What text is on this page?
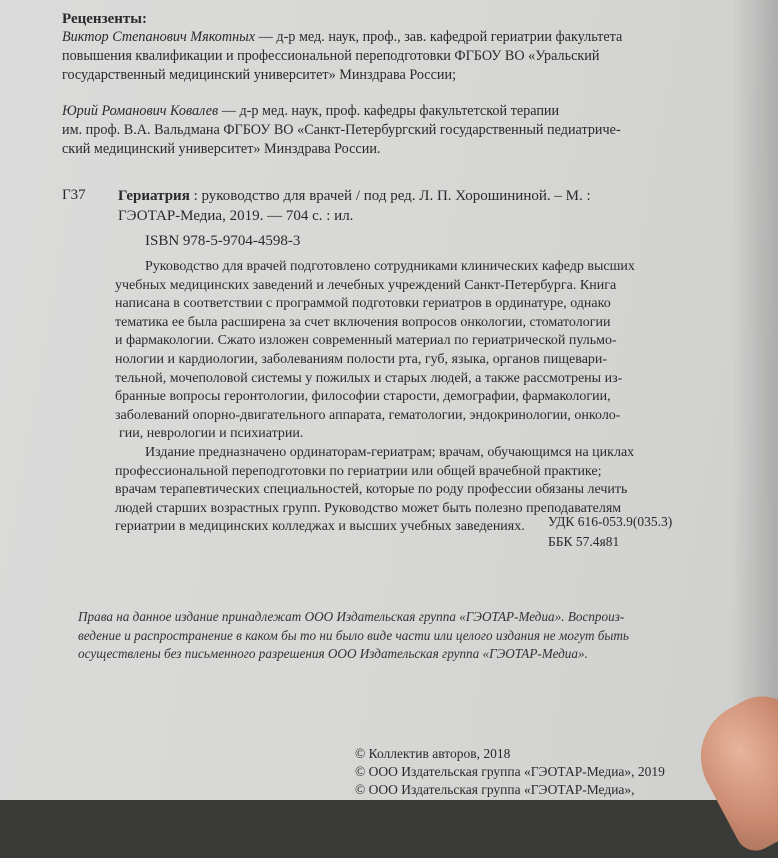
Рецензенты:
Виктор Степанович Мякотных — д-р мед. наук, проф., зав. кафедрой гериатрии факультета
повышения квалификации и профессиональной переподготовки ФГБОУ ВО «Уральский
государственный медицинский университет» Минздрава России;
Юрий Романович Ковалев — д-р мед. наук, проф. кафедры факультетской терапии
им. проф. В.А. Вальдмана ФГБОУ ВО «Санкт-Петербургский государственный педиатриче-
ский медицинский университет» Минздрава России.
Г37 Гериатрия : руководство для врачей / под ред. Л. П. Хорошининой. – М. :
ГЭОТАР-Медиа, 2019. — 704 с. : ил.
ISBN 978-5-9704-4598-3
Руководство для врачей подготовлено сотрудниками клинических кафедр высших
учебных медицинских заведений и лечебных учреждений Санкт-Петербурга. Книга
написана в соответствии с программой подготовки гериатров в ординатуре, однако
тематика ее была расширена за счет включения вопросов онкологии, стоматологии
и фармакологии. Сжато изложен современный материал по гериатрической пульмо-
нологии и кардиологии, заболеваниям полости рта, губ, языка, органов пищевари-
тельной, мочеполовой системы у пожилых и старых людей, а также рассмотрены из-
бранные вопросы геронтологии, философии старости, демографии, фармакологии,
заболеваний опорно-двигательного аппарата, гематологии, эндокринологии, онколо-
гии, неврологии и психиатрии.
Издание предназначено ординаторам-гериатрам; врачам, обучающимся на циклах
профессиональной переподготовки по гериатрии или общей врачебной практике;
врачам терапевтических специальностей, которые по роду профессии обязаны лечить
людей старших возрастных групп. Руководство может быть полезно преподавателям
гериатрии в медицинских колледжах и высших учебных заведениях.	УДК 616-053.9(035.3)
ББК 57.4я81
Права на данное издание принадлежат ООО Издательская группа «ГЭОТАР-Медиа». Воспроиз-
ведение и распространение в каком бы то ни было виде части или целого издания не могут быть
осуществлены без письменного разрешения ООО Издательская группа «ГЭОТАР-Медиа».
© Коллектив авторов, 2018
© ООО Издательская группа «ГЭОТАР-Медиа», 2019
© ООО Издательская группа «ГЭОТАР-Медиа»,
